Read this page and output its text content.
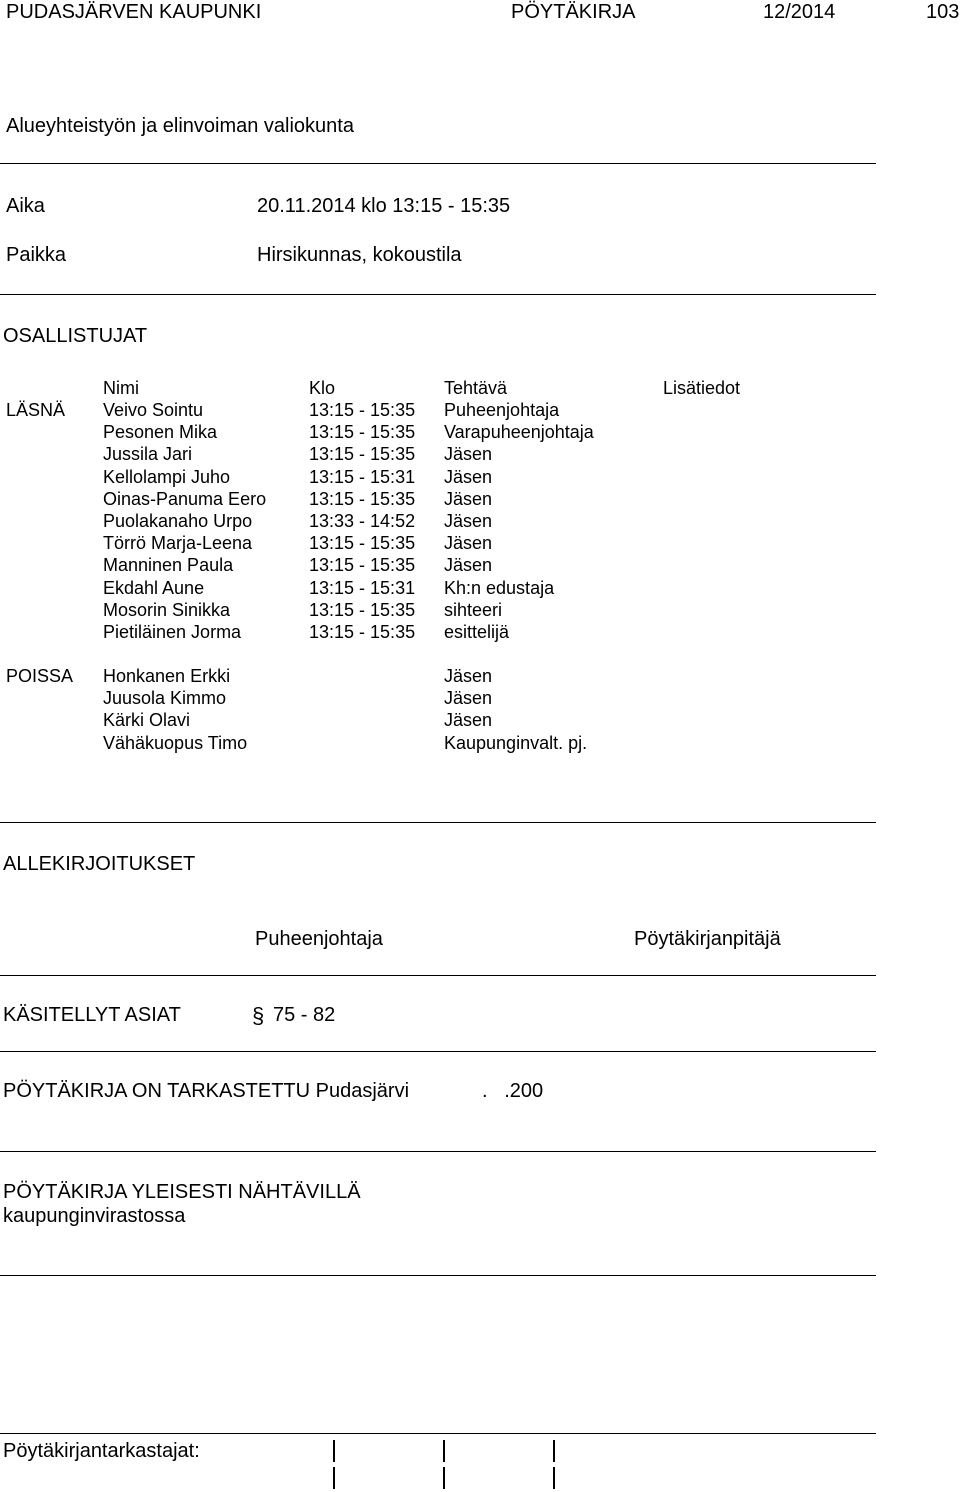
PUDASJÄRVEN KAUPUNKI	PÖYTÄKIRJA	12/2014	103
Alueyhteistyön ja elinvoiman valiokunta
Aika	20.11.2014 klo 13:15 - 15:35
Paikka	Hirsikunnas, kokoustila
OSALLISTUJAT
Nimi	Klo	Tehtävä	Lisätiedot
LÄSNÄ Veivo Sointu	13:15 - 15:35 Puheenjohtaja
Pesonen Mika	13:15 - 15:35 Varapuheenjohtaja
Jussila Jari	13:15 - 15:35 Jäsen
Kellolampi Juho	13:15 - 15:31 Jäsen
Oinas-Panuma Eero 13:15 - 15:35 Jäsen
Puolakanaho Urpo	13:33 - 14:52 Jäsen
Törrö Marja-Leena	13:15 - 15:35 Jäsen
Manninen Paula	13:15 - 15:35 Jäsen
Ekdahl Aune	13:15 - 15:31 Kh:n edustaja
Mosorin Sinikka	13:15 - 15:35 sihteeri
Pietiläinen Jorma	13:15 - 15:35 esittelijä
POISSA Honkanen Erkki	Jäsen
Juusola Kimmo	Jäsen
Kärki Olavi	Jäsen
Vähäkuopus Timo	Kaupunginvalt. pj.
ALLEKIRJOITUKSET
Puheenjohtaja	Pöytäkirjanpitäjä
KÄSITELLYT ASIAT	§ 75 - 82
PÖYTÄKIRJA ON TARKASTETTU Pudasjärvi	.   .200
PÖYTÄKIRJA YLEISESTI NÄHTÄVILLÄ
kaupunginvirastossa
Pöytäkirjantarkastajat:
